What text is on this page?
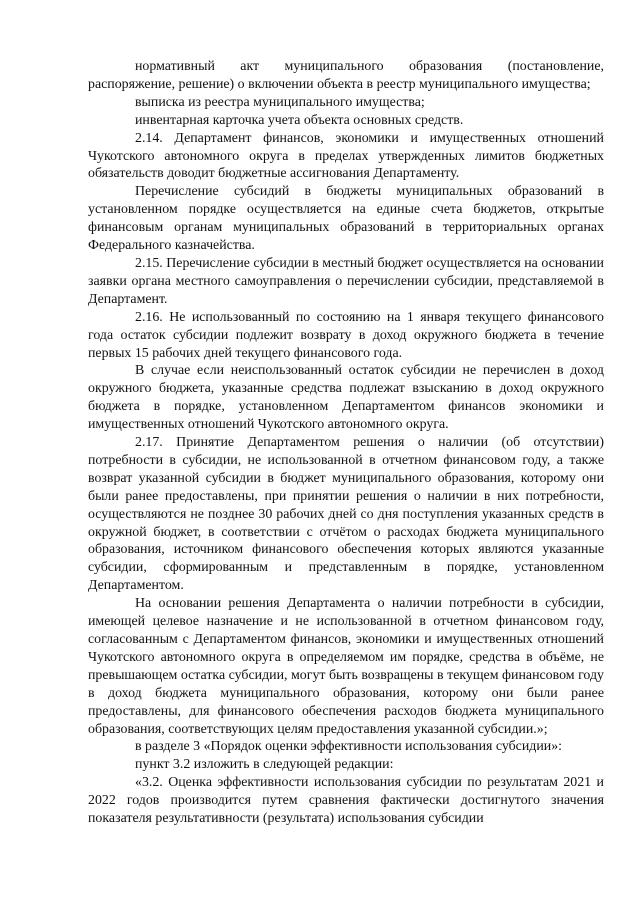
нормативный акт муниципального образования (постановление, распоряжение, решение) о включении объекта в реестр муниципального имущества;

выписка из реестра муниципального имущества;

инвентарная карточка учета объекта основных средств.

2.14. Департамент финансов, экономики и имущественных отношений Чукотского автономного округа в пределах утвержденных лимитов бюджетных обязательств доводит бюджетные ассигнования Департаменту.

Перечисление субсидий в бюджеты муниципальных образований в установленном порядке осуществляется на единые счета бюджетов, открытые финансовым органам муниципальных образований в территориальных органах Федерального казначейства.

2.15. Перечисление субсидии в местный бюджет осуществляется на основании заявки органа местного самоуправления о перечислении субсидии, представляемой в Департамент.

2.16. Не использованный по состоянию на 1 января текущего финансового года остаток субсидии подлежит возврату в доход окружного бюджета в течение первых 15 рабочих дней текущего финансового года.

В случае если неиспользованный остаток субсидии не перечислен в доход окружного бюджета, указанные средства подлежат взысканию в доход окружного бюджета в порядке, установленном Департаментом финансов экономики и имущественных отношений Чукотского автономного округа.

2.17. Принятие Департаментом решения о наличии (об отсутствии) потребности в субсидии, не использованной в отчетном финансовом году, а также возврат указанной субсидии в бюджет муниципального образования, которому они были ранее предоставлены, при принятии решения о наличии в них потребности, осуществляются не позднее 30 рабочих дней со дня поступления указанных средств в окружной бюджет, в соответствии с отчётом о расходах бюджета муниципального образования, источником финансового обеспечения которых являются указанные субсидии, сформированным и представленным в порядке, установленном Департаментом.

На основании решения Департамента о наличии потребности в субсидии, имеющей целевое назначение и не использованной в отчетном финансовом году, согласованным с Департаментом финансов, экономики и имущественных отношений Чукотского автономного округа в определяемом им порядке, средства в объёме, не превышающем остатка субсидии, могут быть возвращены в текущем финансовом году в доход бюджета муниципального образования, которому они были ранее предоставлены, для финансового обеспечения расходов бюджета муниципального образования, соответствующих целям предоставления указанной субсидии.»;

в разделе 3 «Порядок оценки эффективности использования субсидии»:

пункт 3.2 изложить в следующей редакции:

«3.2. Оценка эффективности использования субсидии по результатам 2021 и 2022 годов производится путем сравнения фактически достигнутого значения показателя результативности (результата) использования субсидии
